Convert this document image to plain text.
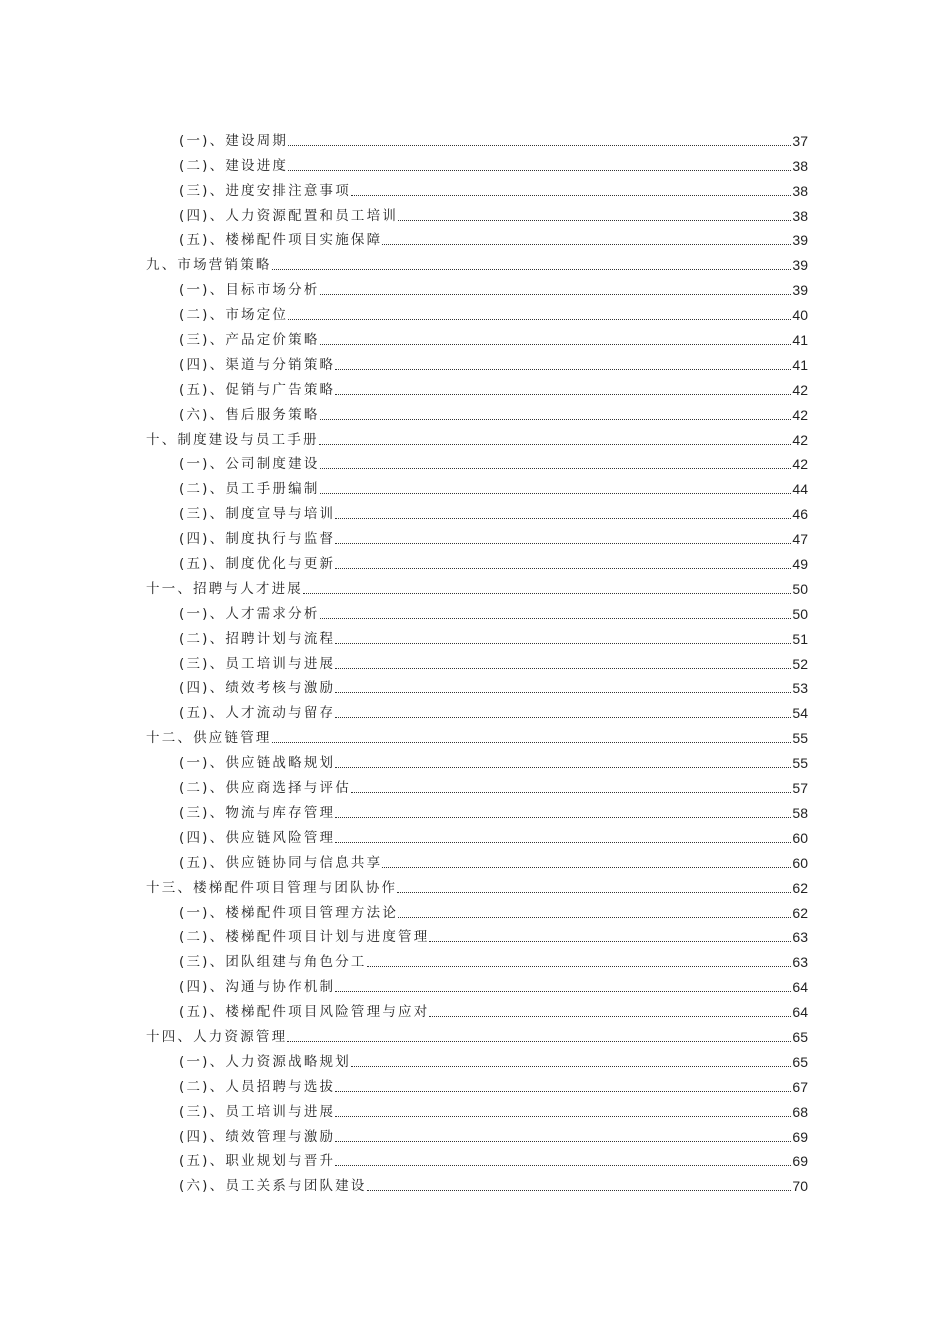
(一)、建设周期	37
(二)、建设进度	38
(三)、进度安排注意事项	38
(四)、人力资源配置和员工培训	38
(五)、楼梯配件项目实施保障	39
九、市场营销策略	39
(一)、目标市场分析	39
(二)、市场定位	40
(三)、产品定价策略	41
(四)、渠道与分销策略	41
(五)、促销与广告策略	42
(六)、售后服务策略	42
十、制度建设与员工手册	42
(一)、公司制度建设	42
(二)、员工手册编制	44
(三)、制度宣导与培训	46
(四)、制度执行与监督	47
(五)、制度优化与更新	49
十一、招聘与人才进展	50
(一)、人才需求分析	50
(二)、招聘计划与流程	51
(三)、员工培训与进展	52
(四)、绩效考核与激励	53
(五)、人才流动与留存	54
十二、供应链管理	55
(一)、供应链战略规划	55
(二)、供应商选择与评估	57
(三)、物流与库存管理	58
(四)、供应链风险管理	60
(五)、供应链协同与信息共享	60
十三、楼梯配件项目管理与团队协作	62
(一)、楼梯配件项目管理方法论	62
(二)、楼梯配件项目计划与进度管理	63
(三)、团队组建与角色分工	63
(四)、沟通与协作机制	64
(五)、楼梯配件项目风险管理与应对	64
十四、人力资源管理	65
(一)、人力资源战略规划	65
(二)、人员招聘与选拔	67
(三)、员工培训与进展	68
(四)、绩效管理与激励	69
(五)、职业规划与晋升	69
(六)、员工关系与团队建设	70
